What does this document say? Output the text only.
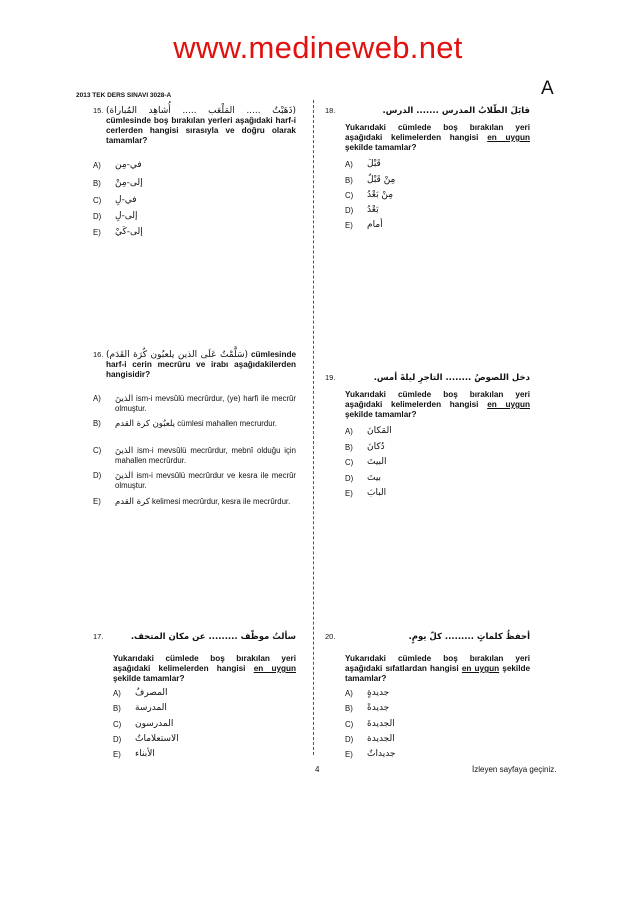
www.medineweb.net
2013 TEK DERS SINAVI 3028-A	A
15. (ذَهَبْتُ ..... المَلْعَب ..... أُشاهِد المُباراة) cümlesinde boş bırakılan yerleri aşağıdaki harf-i cerlerden hangisi sırasıyla ve doğru olarak tamamlar?
A) في-مِن
B) إلى-مِنْ
C) في-لِ
D) إلى-لِ
E) إلى-كَيْ
16. (سَلَّمْتُ عَلَى الذين يلعبُون كُرَة القَدَم) cümlesinde harf-i cerin mecrûru ve irabı aşağıdakilerden hangisidir?
A) الذينَ ism-i mevsûlü mecrûrdur, (ye) harfi ile mecrûr olmuştur.
B) يلعبُون كرة القدم cümlesi mahallen mecrurdur.
C) الذينَ ism-i mevsûlü mecrûrdur, mebnî olduğu için mahallen mecrûrdur.
D) الذينَ ism-i mevsûlü mecrûrdur ve kesra ile mecrûr olmuştur.
E) كرة القدم kelimesi mecrûrdur, kesra ile mecrûrdur.
17.	سألتُ موظّف ......... عن مكان المتحف.
Yukarıdaki cümlede boş bırakılan yeri aşağıdaki kelimelerden hangisi en uygun şekilde tamamlar?
A) المصرفُ
B) المدرسة
C) المدرسون
D) الاستعلاماتُ
E) الأبناء
18.	قابَلَ الطّلابُ المدرس ....... الدرس.
Yukarıdaki cümlede boş bırakılan yeri aşağıdaki kelimelerden hangisi en uygun şekilde tamamlar?
A) قَبْلَ
B) مِنْ قَبْلُ
C) مِنْ بَعْدُ
D) بَعْدُ
E) أمام
19.	دخل اللصوصُ ........ التاجرِ ليلةَ أمس.
Yukarıdaki cümlede boş bırakılan yeri aşağıdaki kelimelerden hangisi en uygun şekilde tamamlar?
A) المَكانَ
B) دُكانَ
C) البيتَ
D) بيتَ
E) البابَ
20.	أحفظُ كلماتٍ ......... كلّ يومٍ.
Yukarıdaki cümlede boş bırakılan yeri aşağıdaki sıfatlardan hangisi en uygun şekilde tamamlar?
A) جديدةٍ
B) جديدةً
C) الجديدةَ
D) الجديدة
E) جديداتٌ
4	İzleyen sayfaya geçiniz.
